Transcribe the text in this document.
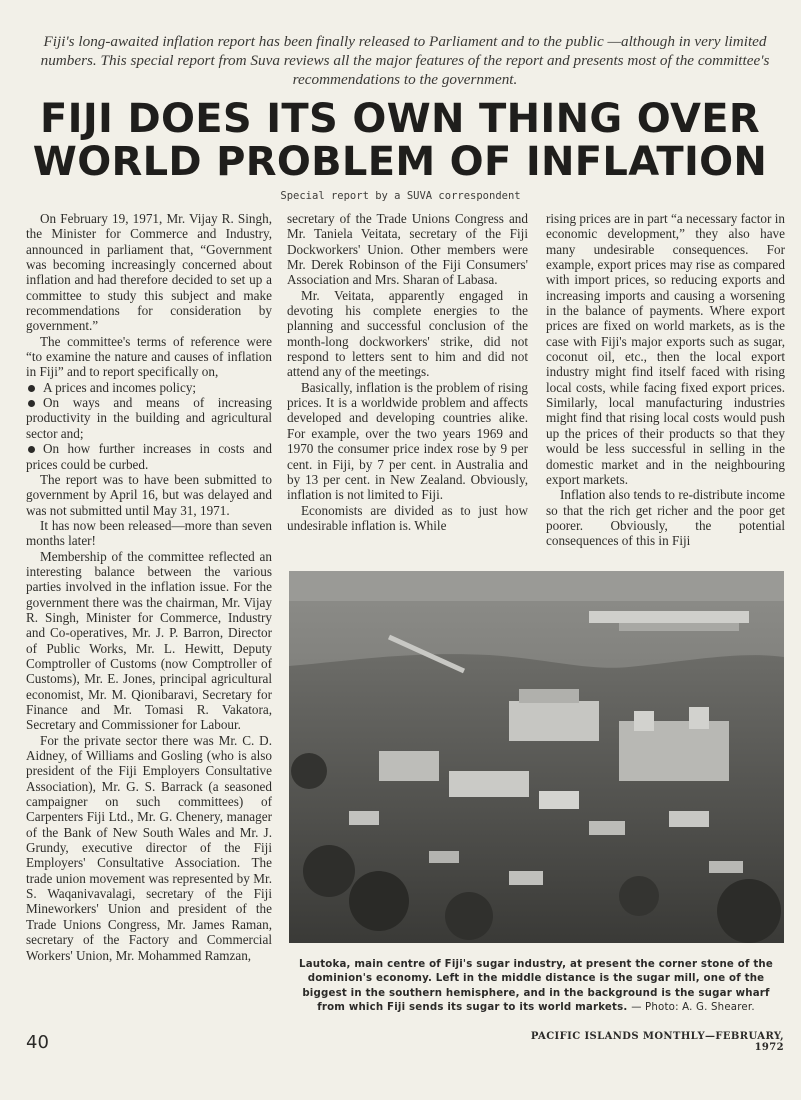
Fiji's long-awaited inflation report has been finally released to Parliament and to the public —although in very limited numbers. This special report from Suva reviews all the major features of the report and presents most of the committee's recommendations to the government.
FIJI DOES ITS OWN THING OVER
WORLD PROBLEM OF INFLATION
Special report by a SUVA correspondent

On February 19, 1971, Mr. Vijay R. Singh, the Minister for Commerce and Industry, announced in parliament that, “Government was becoming increasingly concerned about inflation and had therefore decided to set up a committee to study this subject and make recommendations for consideration by government.”

The committee's terms of reference were “to examine the nature and causes of inflation in Fiji” and to report specifically on,

A prices and incomes policy;

On ways and means of increasing productivity in the building and agricultural sector and;

On how further increases in costs and prices could be curbed.

The report was to have been submitted to government by April 16, but was delayed and was not submitted until May 31, 1971.

It has now been released—more than seven months later!

Membership of the committee reflected an interesting balance between the various parties involved in the inflation issue. For the government there was the chairman, Mr. Vijay R. Singh, Minister for Commerce, Industry and Co-operatives, Mr. J. P. Barron, Director of Public Works, Mr. L. Hewitt, Deputy Comptroller of Customs (now Comptroller of Customs), Mr. E. Jones, principal agricultural economist, Mr. M. Qionibaravi, Secretary for Finance and Mr. Tomasi R. Vakatora, Secretary and Commissioner for Labour.

For the private sector there was Mr. C. D. Aidney, of Williams and Gosling (who is also president of the Fiji Employers Consultative Association), Mr. G. S. Barrack (a seasoned campaigner on such committees) of Carpenters Fiji Ltd., Mr. G. Chenery, manager of the Bank of New South Wales and Mr. J. Grundy, executive director of the Fiji Employers' Consultative Association. The trade union movement was represented by Mr. S. Waqanivavalagi, secretary of the Fiji Mineworkers' Union and president of the Trade Unions Congress, Mr. James Raman, secretary of the Factory and Commercial Workers' Union, Mr. Mohammed Ramzan,

secretary of the Trade Unions Congress and Mr. Taniela Veitata, secretary of the Fiji Dockworkers' Union. Other members were Mr. Derek Robinson of the Fiji Consumers' Association and Mrs. Sharan of Labasa.

Mr. Veitata, apparently engaged in devoting his complete energies to the planning and successful conclusion of the month-long dockworkers' strike, did not respond to letters sent to him and did not attend any of the meetings.

Basically, inflation is the problem of rising prices. It is a worldwide problem and affects developed and developing countries alike. For example, over the two years 1969 and 1970 the consumer price index rose by 9 per cent. in Fiji, by 7 per cent. in Australia and by 13 per cent. in New Zealand. Obviously, inflation is not limited to Fiji.

Economists are divided as to just how undesirable inflation is. While

rising prices are in part “a necessary factor in economic development,” they also have many undesirable consequences. For example, export prices may rise as compared with import prices, so reducing exports and increasing imports and causing a worsening in the balance of payments. Where export prices are fixed on world markets, as is the case with Fiji's major exports such as sugar, coconut oil, etc., then the local export industry might find itself faced with rising local costs, while facing fixed export prices. Similarly, local manufacturing industries might find that rising local costs would push up the prices of their products so that they would be less successful in selling in the domestic market and in the neighbouring export markets.

Inflation also tends to re-distribute income so that the rich get richer and the poor get poorer. Obviously, the potential consequences of this in Fiji

Lautoka, main centre of Fiji's sugar industry, at present the corner stone of the dominion's economy. Left in the middle distance is the sugar mill, one of the biggest in the southern hemisphere, and in the background is the sugar wharf from which Fiji sends its sugar to its world markets. — Photo: A. G. Shearer.
40	PACIFIC ISLANDS MONTHLY—FEBRUARY, 1972
